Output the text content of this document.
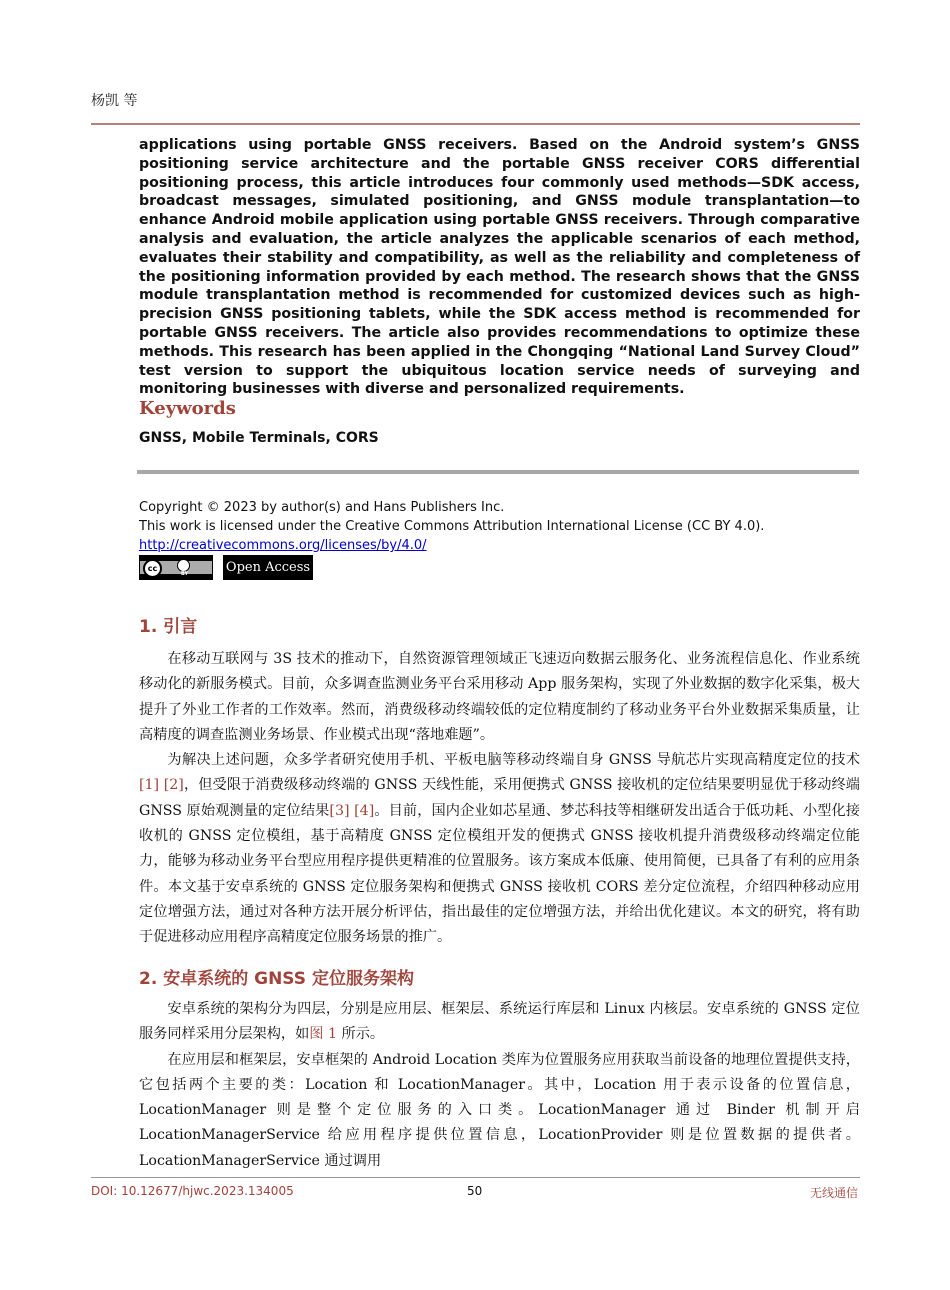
杨凯 等
applications using portable GNSS receivers. Based on the Android system’s GNSS positioning service architecture and the portable GNSS receiver CORS differential positioning process, this article introduces four commonly used methods—SDK access, broadcast messages, simulated positioning, and GNSS module transplantation—to enhance Android mobile application using portable GNSS receivers. Through comparative analysis and evaluation, the article analyzes the applicable scenarios of each method, evaluates their stability and compatibility, as well as the reliability and completeness of the positioning information provided by each method. The research shows that the GNSS module transplantation method is recommended for customized devices such as high-precision GNSS positioning tablets, while the SDK access method is recommended for portable GNSS receivers. The article also provides recommendations to optimize these methods. This research has been applied in the Chongqing “National Land Survey Cloud” test version to support the ubiquitous location service needs of surveying and monitoring businesses with diverse and personalized requirements.
Keywords
GNSS, Mobile Terminals, CORS
Copyright © 2023 by author(s) and Hans Publishers Inc.
This work is licensed under the Creative Commons Attribution International License (CC BY 4.0).
http://creativecommons.org/licenses/by/4.0/
cc
BY	Open Access
1. 引言

在移动互联网与 3S 技术的推动下，自然资源管理领域正飞速迈向数据云服务化、业务流程信息化、作业系统移动化的新服务模式。目前，众多调查监测业务平台采用移动 App 服务架构，实现了外业数据的数字化采集，极大提升了外业工作者的工作效率。然而，消费级移动终端较低的定位精度制约了移动业务平台外业数据采集质量，让高精度的调查监测业务场景、作业模式出现“落地难题”。

为解决上述问题，众多学者研究使用手机、平板电脑等移动终端自身 GNSS 导航芯片实现高精度定位的技术[1] [2]，但受限于消费级移动终端的 GNSS 天线性能，采用便携式 GNSS 接收机的定位结果要明显优于移动终端 GNSS 原始观测量的定位结果[3] [4]。目前，国内企业如芯星通、梦芯科技等相继研发出适合于低功耗、小型化接收机的 GNSS 定位模组，基于高精度 GNSS 定位模组开发的便携式 GNSS 接收机提升消费级移动终端定位能力，能够为移动业务平台型应用程序提供更精准的位置服务。该方案成本低廉、使用简便，已具备了有利的应用条件。本文基于安卓系统的 GNSS 定位服务架构和便携式 GNSS 接收机 CORS 差分定位流程，介绍四种移动应用定位增强方法，通过对各种方法开展分析评估，指出最佳的定位增强方法，并给出优化建议。本文的研究，将有助于促进移动应用程序高精度定位服务场景的推广。

2. 安卓系统的 GNSS 定位服务架构

安卓系统的架构分为四层，分别是应用层、框架层、系统运行库层和 Linux 内核层。安卓系统的 GNSS 定位服务同样采用分层架构，如图 1 所示。

在应用层和框架层，安卓框架的 Android Location 类库为位置服务应用获取当前设备的地理位置提供支持，它包括两个主要的类：Location 和 LocationManager。其中，Location 用于表示设备的位置信息，LocationManager 则是整个定位服务的入口类。LocationManager 通过 Binder 机制开启 LocationManagerService 给应用程序提供位置信息，LocationProvider 则是位置数据的提供者。LocationManagerService 通过调用

DOI: 10.12677/hjwc.2023.134005	50	无线通信
